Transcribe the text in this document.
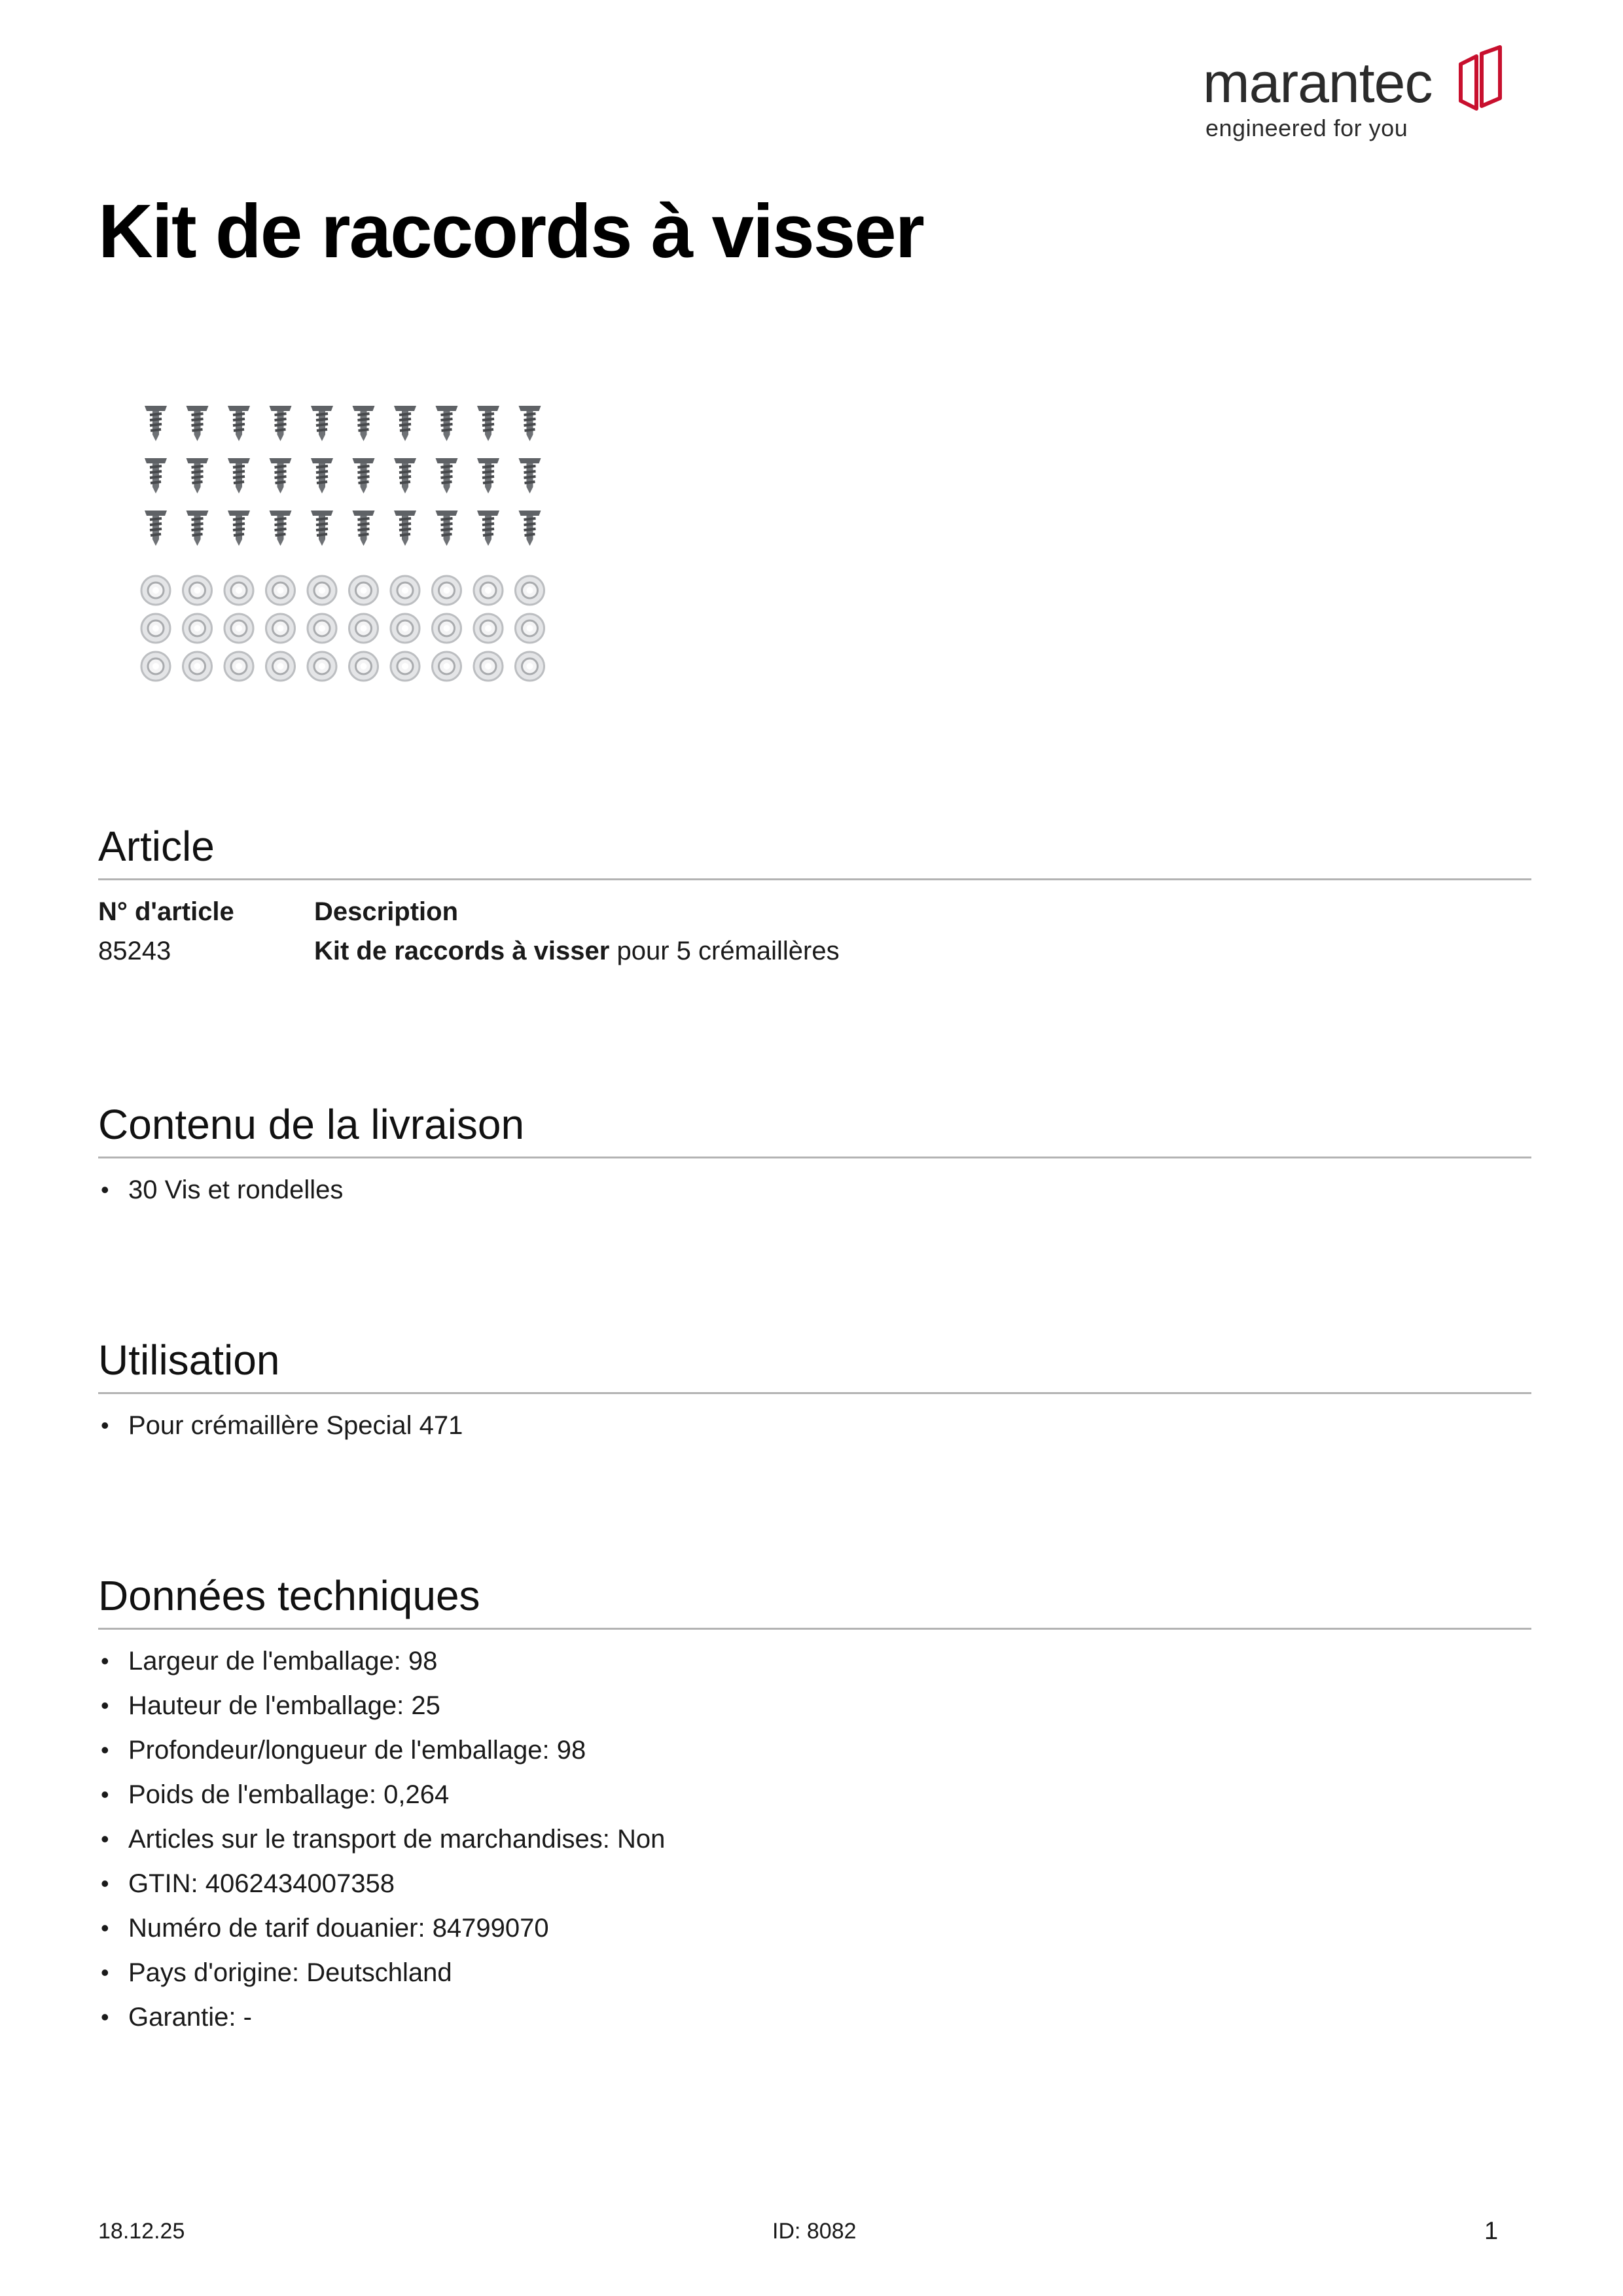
marantec
engineered for you
Kit de raccords à visser
Article
N° d'article	Description
85243	Kit de raccords à visser pour 5 crémaillères
Contenu de la livraison
• 30 Vis et rondelles
Utilisation
• Pour crémaillère Special 471
Données techniques
• Largeur de l'emballage: 98
• Hauteur de l'emballage: 25
• Profondeur/longueur de l'emballage: 98
• Poids de l'emballage: 0,264
• Articles sur le transport de marchandises: Non
• GTIN: 4062434007358
• Numéro de tarif douanier: 84799070
• Pays d'origine: Deutschland
• Garantie: -
18.12.25	ID: 8082	1
